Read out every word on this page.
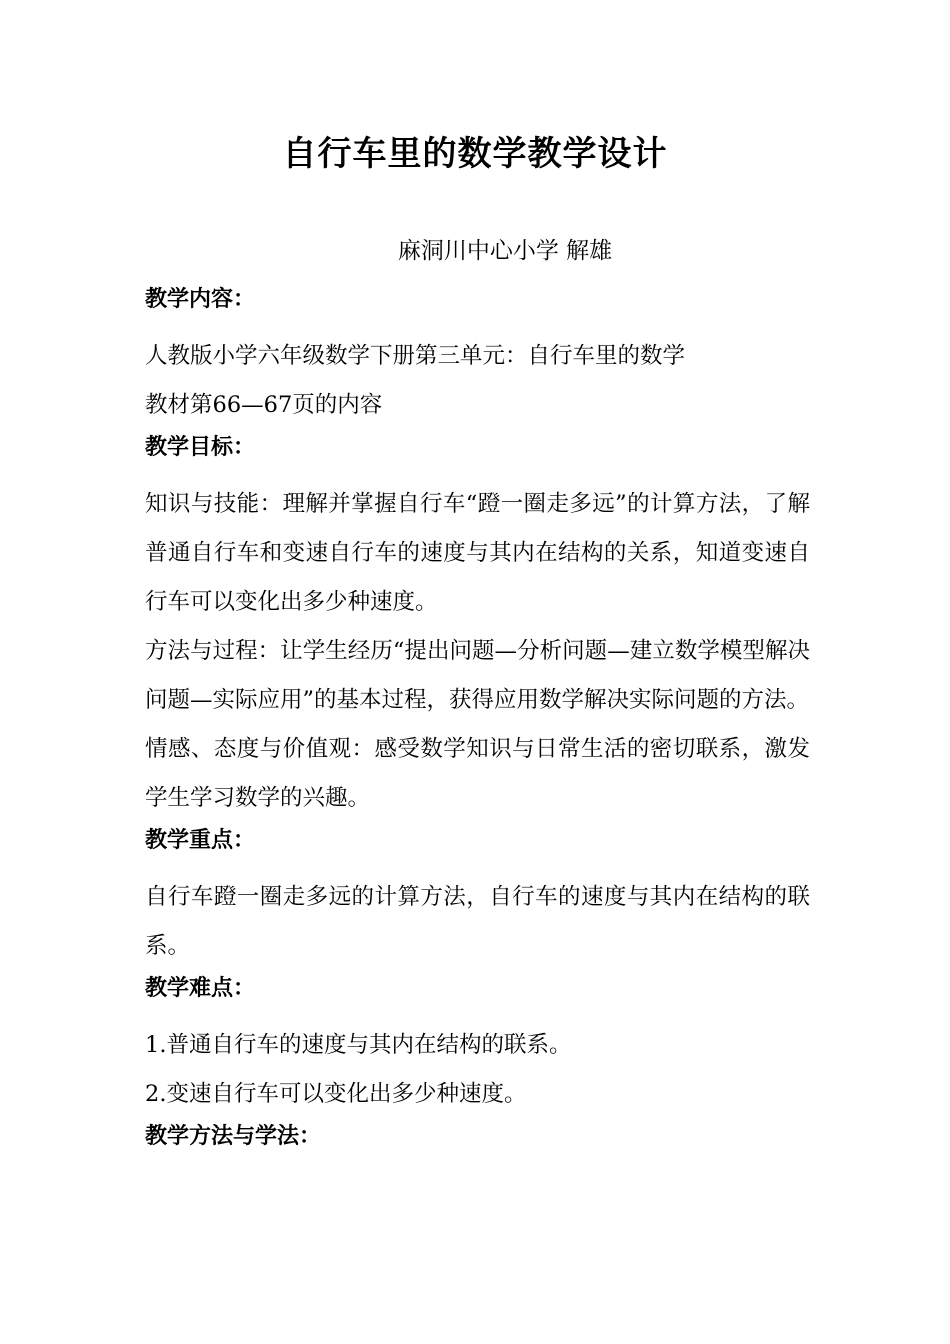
自行车里的数学教学设计
麻洞川中心小学 解雄
教学内容：
人教版小学六年级数学下册第三单元：自行车里的数学
教材第66—67页的内容
教学目标：
知识与技能：理解并掌握自行车“蹬一圈走多远”的计算方法，了解普通自行车和变速自行车的速度与其内在结构的关系，知道变速自行车可以变化出多少种速度。
方法与过程：让学生经历“提出问题—分析问题—建立数学模型解决问题—实际应用”的基本过程，获得应用数学解决实际问题的方法。
情感、态度与价值观：感受数学知识与日常生活的密切联系，激发学生学习数学的兴趣。
教学重点：
自行车蹬一圈走多远的计算方法，自行车的速度与其内在结构的联系。
教学难点：
1.普通自行车的速度与其内在结构的联系。
2.变速自行车可以变化出多少种速度。
教学方法与学法：
